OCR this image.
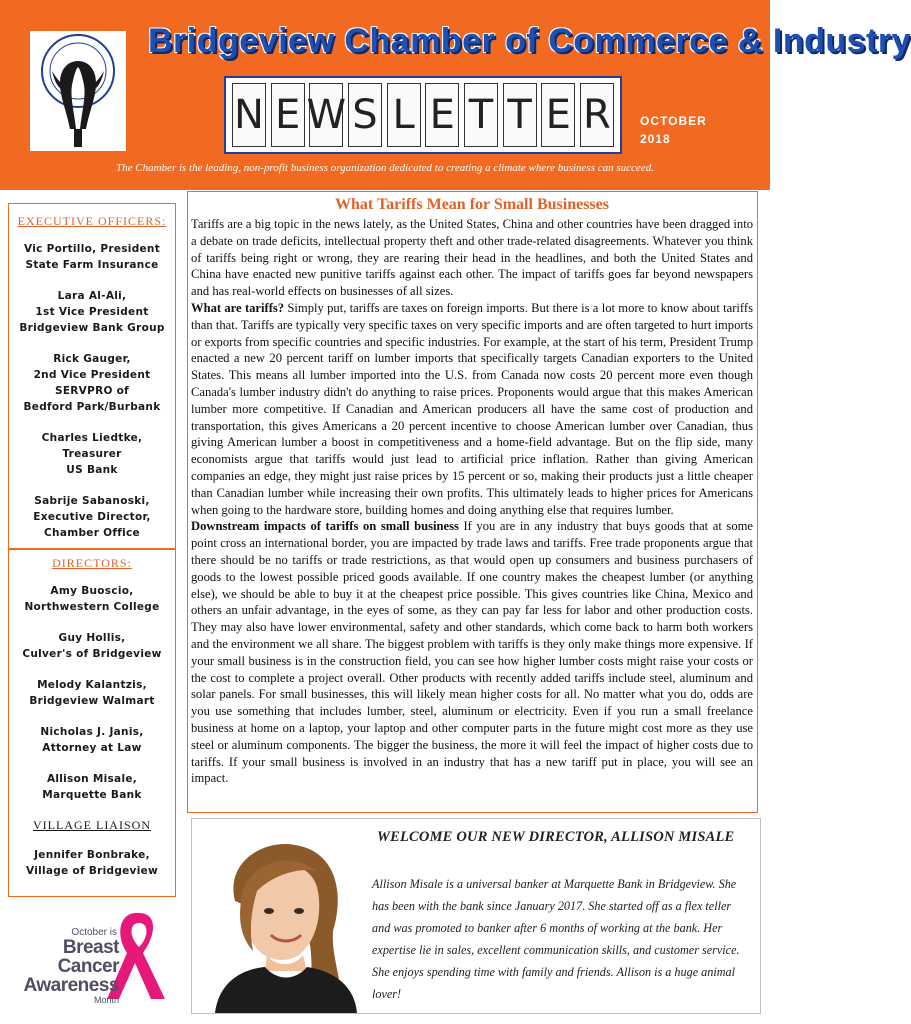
Bridgeview Chamber of Commerce & Industry
N E W S L E T T E R OCTOBER
2018
The Chamber is the leading, non-profit business organization dedicated to creating a climate where business can succeed.
EXECUTIVE OFFICERS:
Vic Portillo, President
State Farm Insurance
Lara Al-Ali,
1st Vice President
Bridgeview Bank Group
Rick Gauger,
2nd Vice President
SERVPRO of
Bedford Park/Burbank
Charles Liedtke,
Treasurer
US Bank
Sabrije Sabanoski,
Executive Director,
Chamber Office
DIRECTORS:
Amy Buoscio,
Northwestern College
Guy Hollis,
Culver's of Bridgeview
Melody Kalantzis,
Bridgeview Walmart
Nicholas J. Janis,
Attorney at Law
Allison Misale,
Marquette Bank
VILLAGE LIAISON
Jennifer Bonbrake,
Village of Bridgeview
October is
Breast Cancer
Awareness
Month
What Tariffs Mean for Small Businesses

Tariffs are a big topic in the news lately, as the United States, China and other countries have been dragged into a debate on trade deficits, intellectual property theft and other trade-related disagreements. Whatever you think of tariffs being right or wrong, they are rearing their head in the headlines, and both the United States and China have enacted new punitive tariffs against each other. The impact of tariffs goes far beyond newspapers and has real-world effects on businesses of all sizes.

What are tariffs? Simply put, tariffs are taxes on foreign imports. But there is a lot more to know about tariffs than that. Tariffs are typically very specific taxes on very specific imports and are often targeted to hurt imports or exports from specific countries and specific industries. For example, at the start of his term, President Trump enacted a new 20 percent tariff on lumber imports that specifically targets Canadian exporters to the United States. This means all lumber imported into the U.S. from Canada now costs 20 percent more even though Canada's lumber industry didn't do anything to raise prices. Proponents would argue that this makes American lumber more competitive. If Canadian and American producers all have the same cost of production and transportation, this gives Americans a 20 percent incentive to choose American lumber over Canadian, thus giving American lumber a boost in competitiveness and a home-field advantage. But on the flip side, many economists argue that tariffs would just lead to artificial price inflation. Rather than giving American companies an edge, they might just raise prices by 15 percent or so, making their products just a little cheaper than Canadian lumber while increasing their own profits. This ultimately leads to higher prices for Americans when going to the hardware store, building homes and doing anything else that requires lumber.

Downstream impacts of tariffs on small business If you are in any industry that buys goods that at some point cross an international border, you are impacted by trade laws and tariffs. Free trade proponents argue that there should be no tariffs or trade restrictions, as that would open up consumers and business purchasers of goods to the lowest possible priced goods available. If one country makes the cheapest lumber (or anything else), we should be able to buy it at the cheapest price possible. This gives countries like China, Mexico and others an unfair advantage, in the eyes of some, as they can pay far less for labor and other production costs. They may also have lower environmental, safety and other standards, which come back to harm both workers and the environment we all share. The biggest problem with tariffs is they only make things more expensive. If your small business is in the construction field, you can see how higher lumber costs might raise your costs or the cost to complete a project overall. Other products with recently added tariffs include steel, aluminum and solar panels. For small businesses, this will likely mean higher costs for all. No matter what you do, odds are you use something that includes lumber, steel, aluminum or electricity. Even if you run a small freelance business at home on a laptop, your laptop and other computer parts in the future might cost more as they use steel or aluminum components. The bigger the business, the more it will feel the impact of higher costs due to tariffs. If your small business is involved in an industry that has a new tariff put in place, you will see an impact.

WELCOME OUR NEW DIRECTOR, ALLISON MISALE
Allison Misale is a universal banker at Marquette Bank in Bridgeview. She has been with the bank since January 2017. She started off as a flex teller and was promoted to banker after 6 months of working at the bank. Her expertise lie in sales, excellent communication skills, and customer service. She enjoys spending time with family and friends. Allison is a huge animal lover!
